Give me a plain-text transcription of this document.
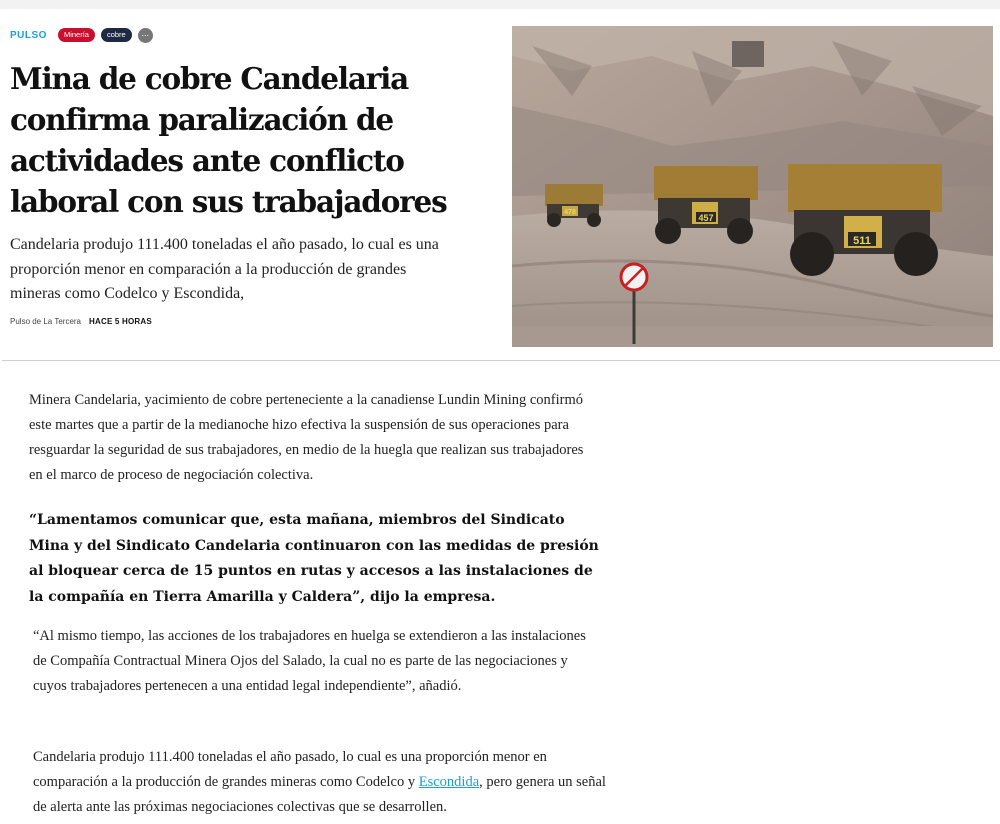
PULSO	Minería	cobre	...
Mina de cobre Candelaria confirma paralización de actividades ante conflicto laboral con sus trabajadores

Candelaria produjo 111.400 toneladas el año pasado, lo cual es una proporción menor en comparación a la producción de grandes mineras como Codelco y Escondida,

Pulso de La Tercera HACE 5 HORAS
478
457
511

Minera Candelaria, yacimiento de cobre perteneciente a la canadiense Lundin Mining confirmó este martes que a partir de la medianoche hizo efectiva la suspensión de sus operaciones para resguardar la seguridad de sus trabajadores, en medio de la huegla que realizan sus trabajadores en el marco de proceso de negociación colectiva.

“Lamentamos comunicar que, esta mañana, miembros del Sindicato Mina y del Sindicato Candelaria continuaron con las medidas de presión al bloquear cerca de 15 puntos en rutas y accesos a las instalaciones de la compañía en Tierra Amarilla y Caldera”, dijo la empresa.

“Al mismo tiempo, las acciones de los trabajadores en huelga se extendieron a las instalaciones de Compañía Contractual Minera Ojos del Salado, la cual no es parte de las negociaciones y cuyos trabajadores pertenecen a una entidad legal independiente”, añadió.

Candelaria produjo 111.400 toneladas el año pasado, lo cual es una proporción menor en comparación a la producción de grandes mineras como Codelco y Escondida, pero genera un señal de alerta ante las próximas negociaciones colectivas que se desarrollen.
